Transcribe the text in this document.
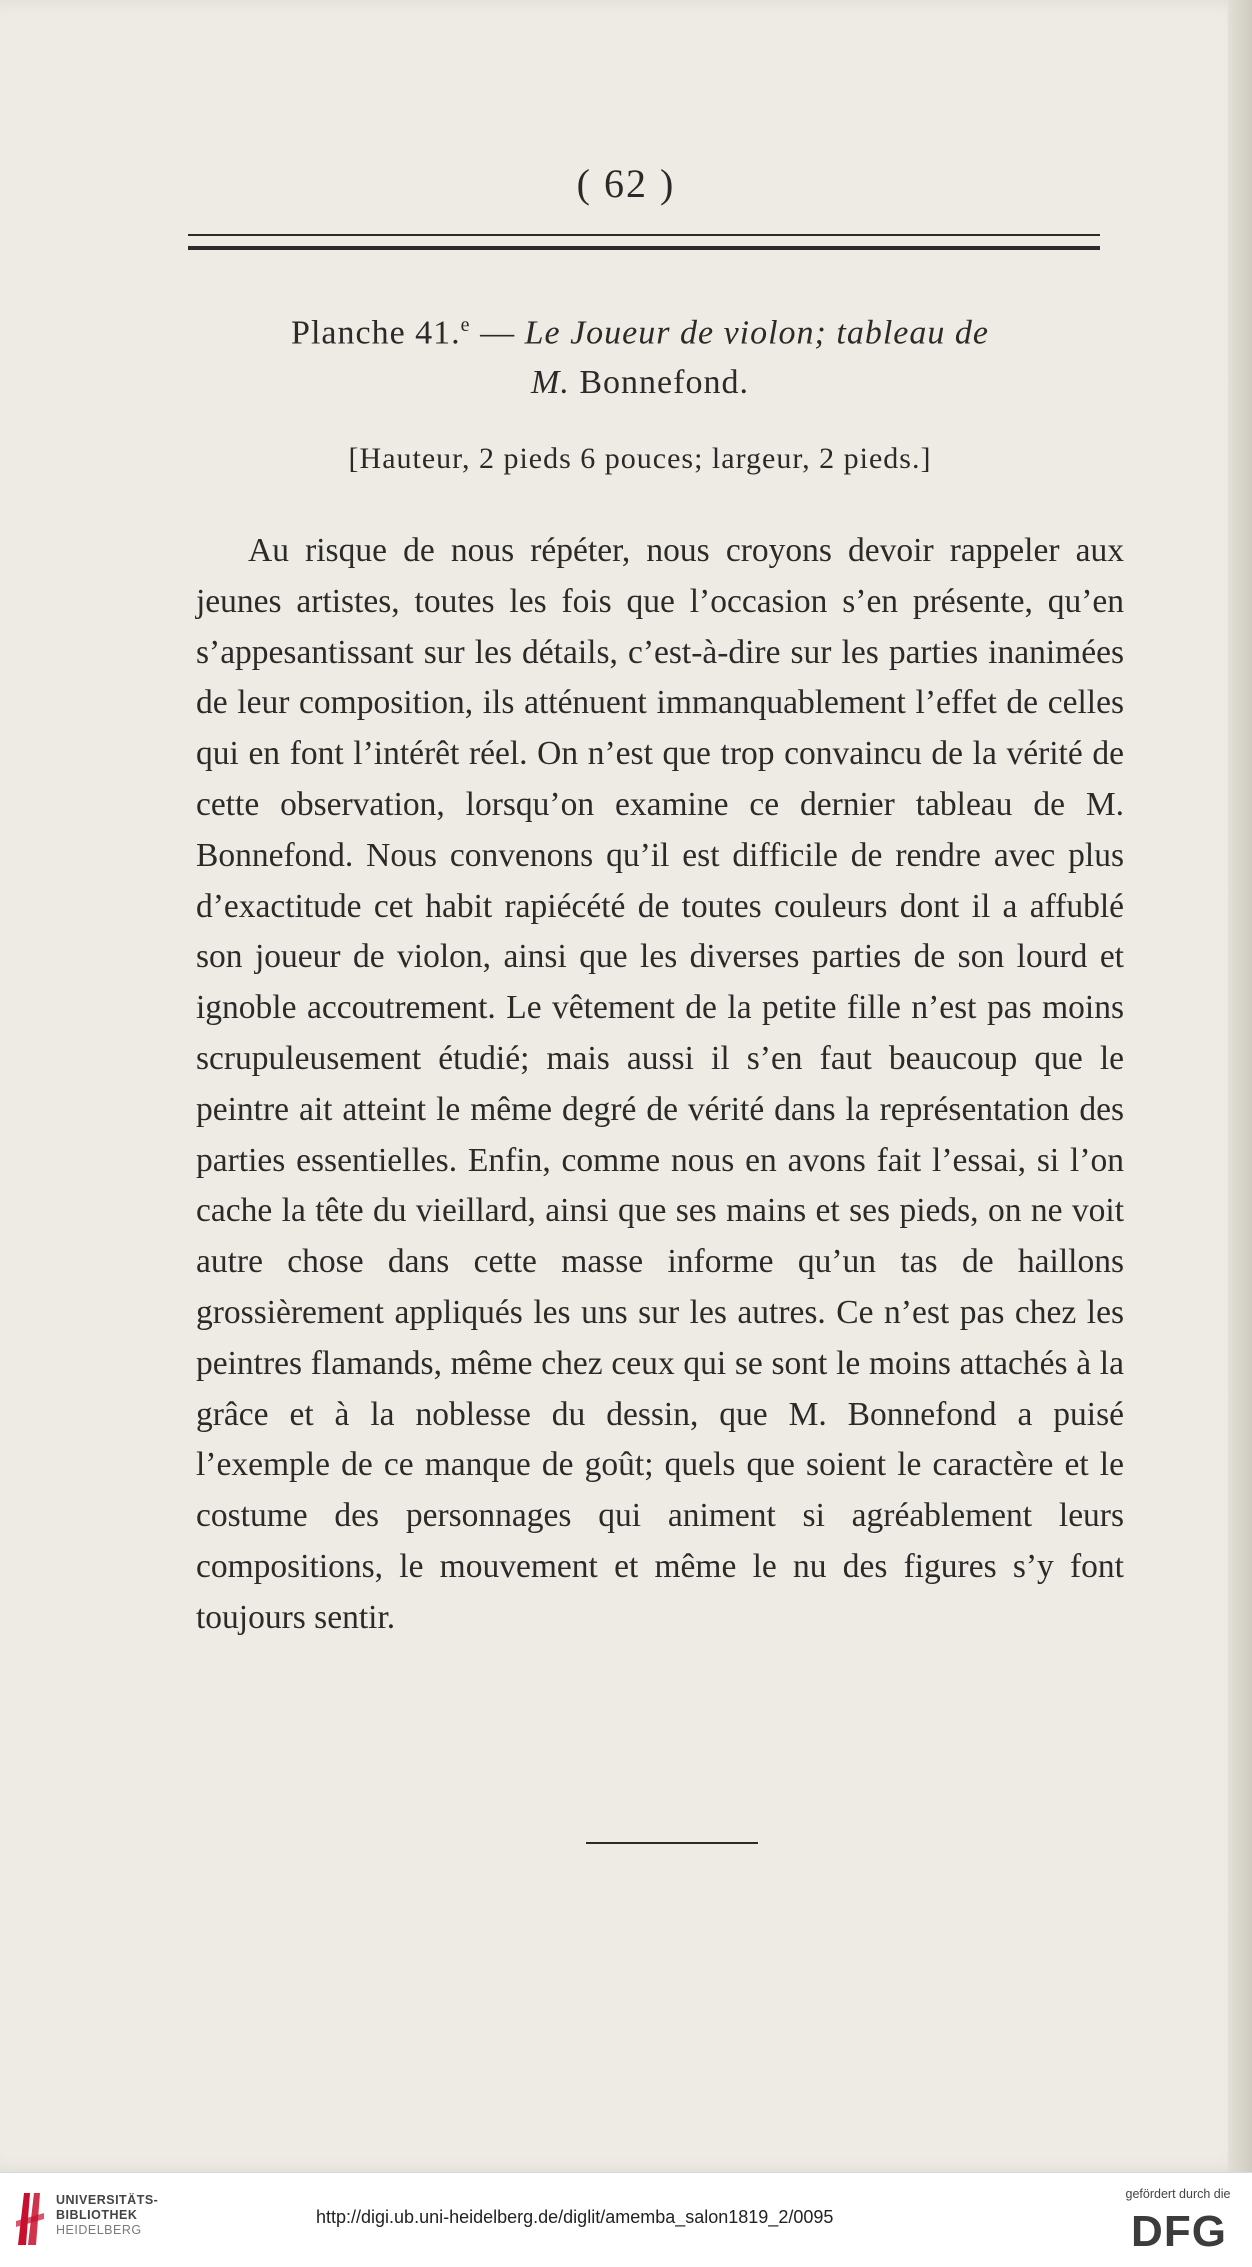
( 62 )
Planche 41.$^e$ — Le Joueur de violon; tableau de
M. Bonnefond.
[Hauteur, 2 pieds 6 pouces; largeur, 2 pieds.]
Au risque de nous répéter, nous croyons devoir rappeler aux jeunes artistes, toutes les fois que l’occasion s’en présente, qu’en s’appesantissant sur les détails, c’est-à-dire sur les parties inanimées de leur composition, ils atténuent immanquablement l’effet de celles qui en font l’intérêt réel. On n’est que trop convaincu de la vérité de cette observation, lorsqu’on examine ce dernier tableau de M. Bonnefond. Nous convenons qu’il est difficile de rendre avec plus d’exactitude cet habit rapiécété de toutes couleurs dont il a affublé son joueur de violon, ainsi que les diverses parties de son lourd et ignoble accoutrement. Le vêtement de la petite fille n’est pas moins scrupuleusement étudié; mais aussi il s’en faut beaucoup que le peintre ait atteint le même degré de vérité dans la représentation des parties essentielles. Enfin, comme nous en avons fait l’essai, si l’on cache la tête du vieillard, ainsi que ses mains et ses pieds, on ne voit autre chose dans cette masse informe qu’un tas de haillons grossièrement appliqués les uns sur les autres. Ce n’est pas chez les peintres flamands, même chez ceux qui se sont le moins attachés à la grâce et à la noblesse du dessin, que M. Bonnefond a puisé l’exemple de ce manque de goût; quels que soient le caractère et le costume des personnages qui animent si agréablement leurs compositions, le mouvement et même le nu des figures s’y font toujours sentir.
UNIVERSITÄTS-
BIBLIOTHEK
HEIDELBERG
http://digi.ub.uni-heidelberg.de/diglit/amemba_salon1819_2/0095
gefördert durch die
DFG
